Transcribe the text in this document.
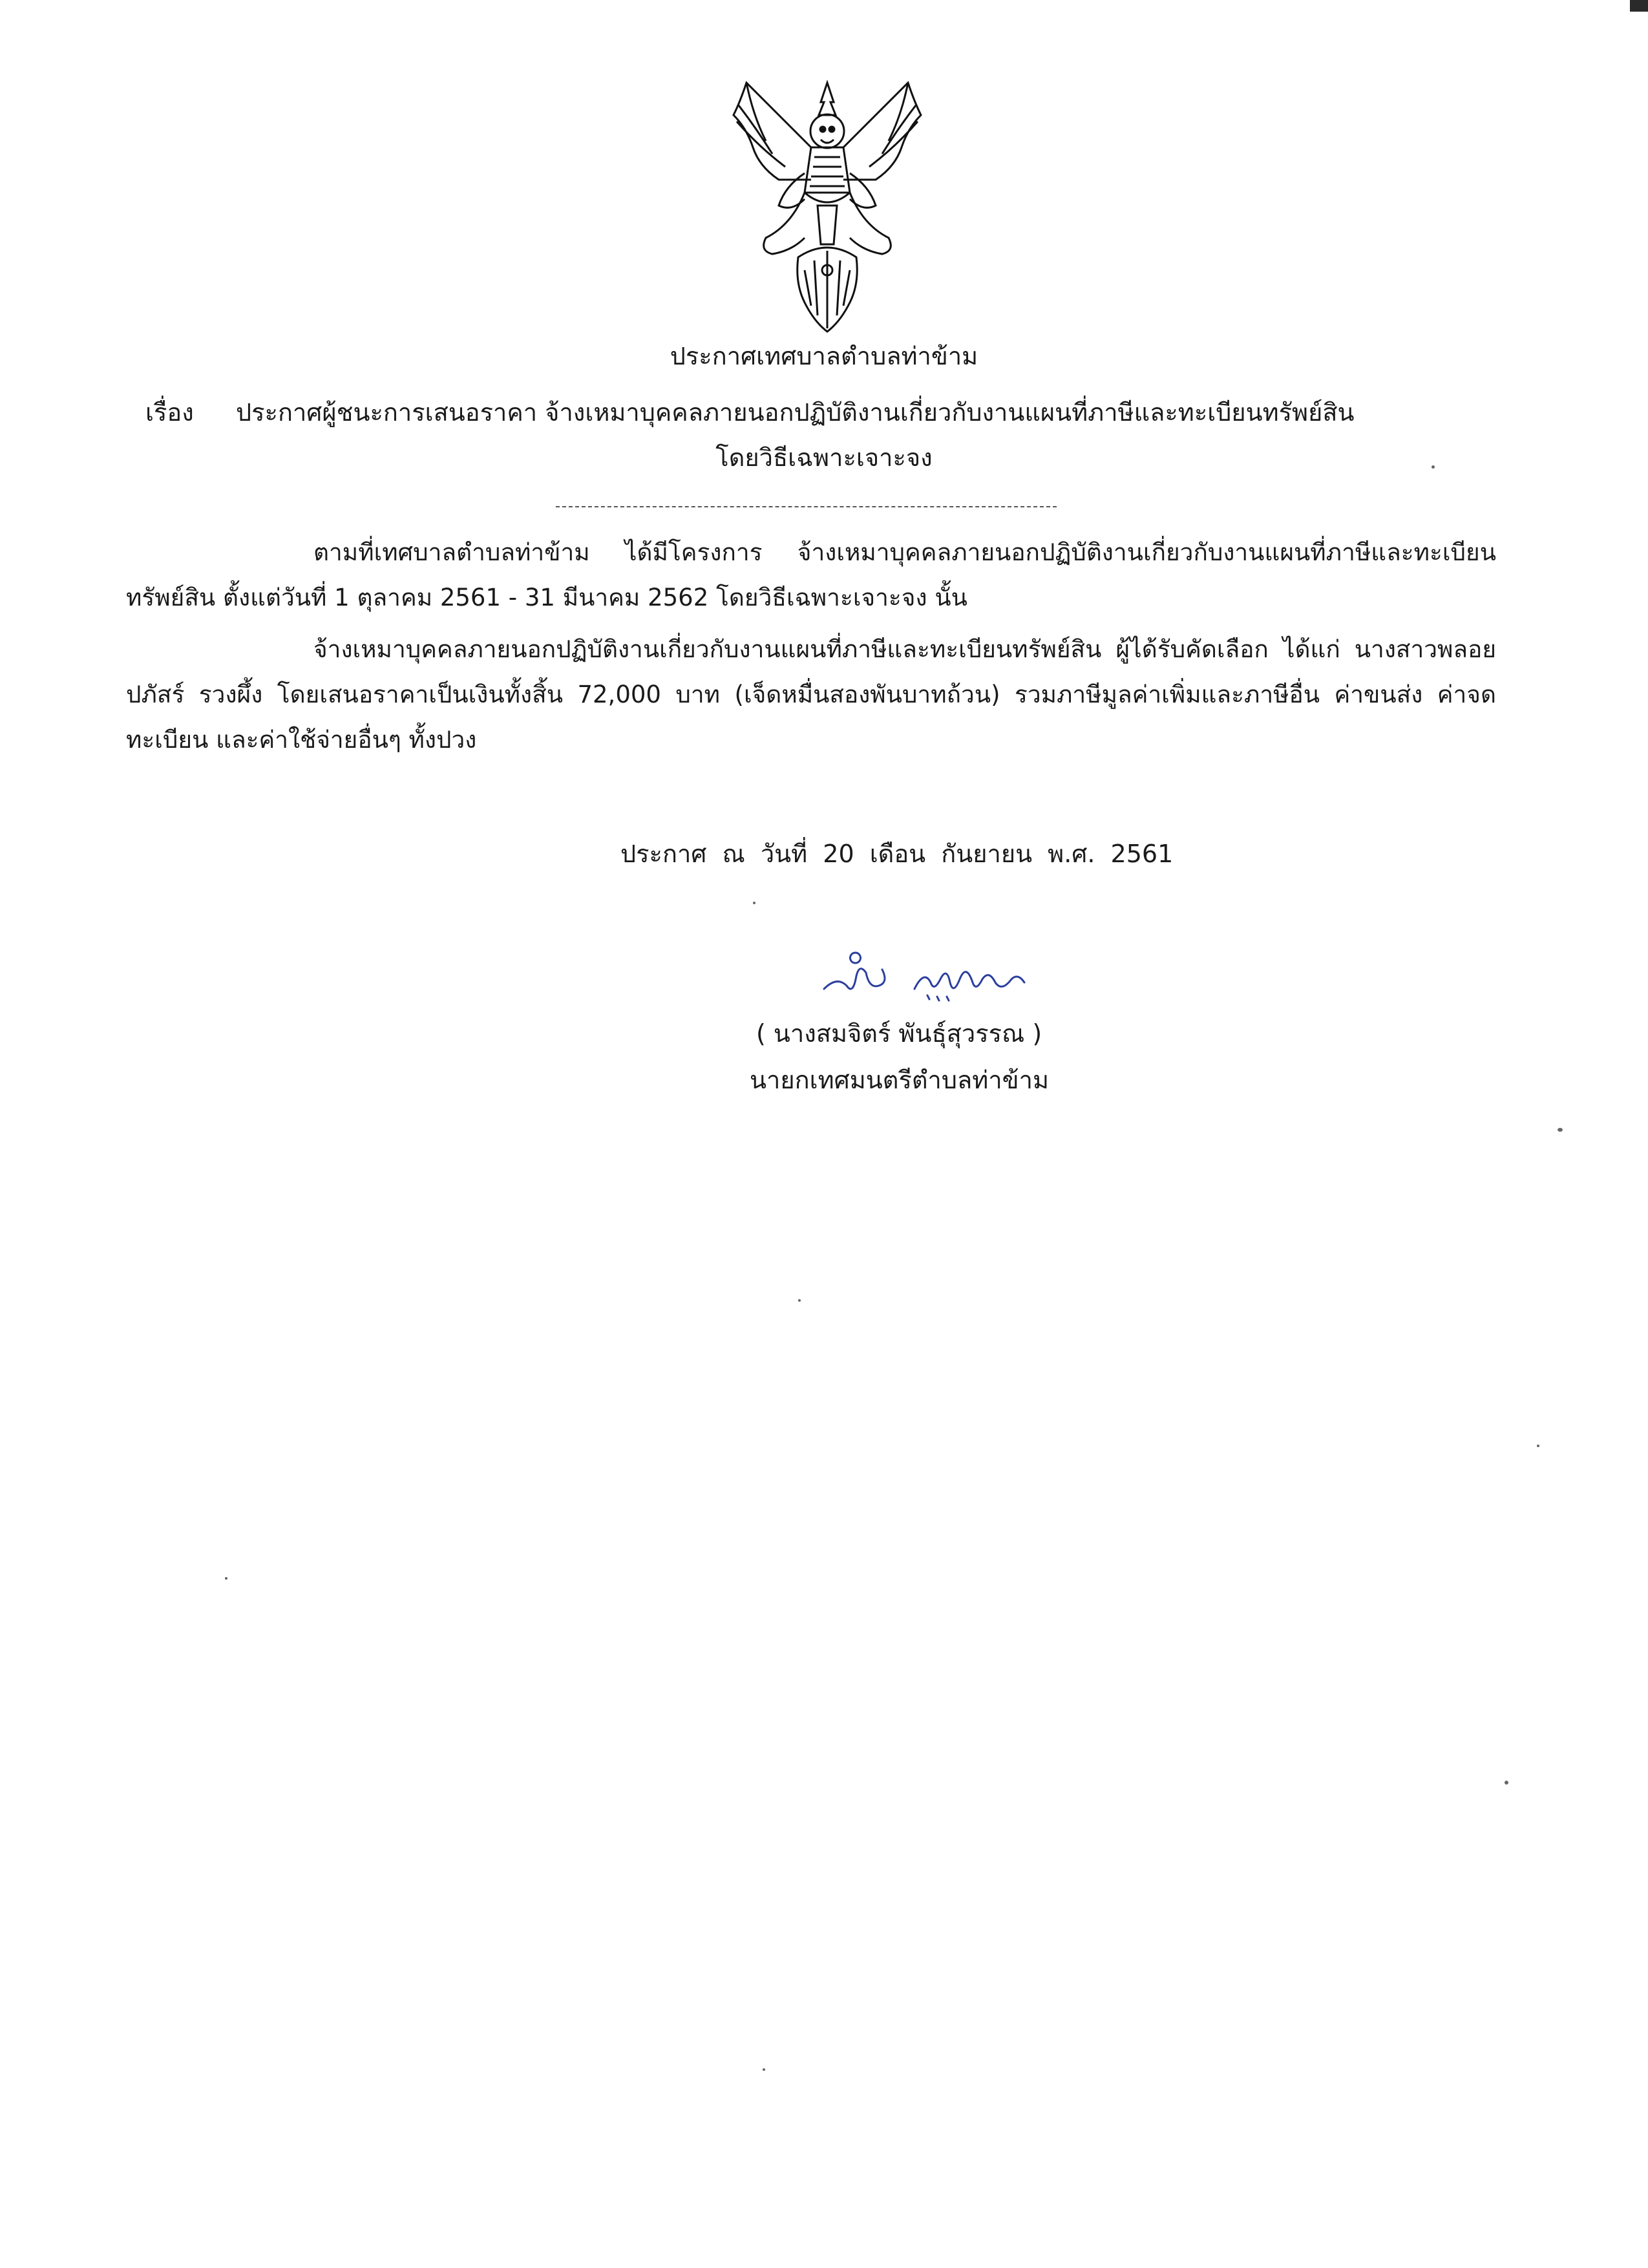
ประกาศเทศบาลตำบลท่าข้าม
เรื่อง ประกาศผู้ชนะการเสนอราคา จ้างเหมาบุคคลภายนอกปฏิบัติงานเกี่ยวกับงานแผนที่ภาษีและทะเบียนทรัพย์สิน
โดยวิธีเฉพาะเจาะจง
ตามที่เทศบาลตำบลท่าข้าม ได้มีโครงการ จ้างเหมาบุคคลภายนอกปฏิบัติงานเกี่ยวกับงานแผนที่ภาษีและทะเบียนทรัพย์สิน ตั้งแต่วันที่ 1 ตุลาคม 2561 - 31 มีนาคม 2562 โดยวิธีเฉพาะเจาะจง นั้น
จ้างเหมาบุคคลภายนอกปฏิบัติงานเกี่ยวกับงานแผนที่ภาษีและทะเบียนทรัพย์สิน ผู้ได้รับคัดเลือก ได้แก่ นางสาวพลอยปภัสร์ รวงผึ้ง โดยเสนอราคาเป็นเงินทั้งสิ้น 72,000 บาท (เจ็ดหมื่นสองพันบาทถ้วน) รวมภาษีมูลค่าเพิ่มและภาษีอื่น ค่าขนส่ง ค่าจดทะเบียน และค่าใช้จ่ายอื่นๆ ทั้งปวง
ประกาศ ณ วันที่ 20 เดือน กันยายน พ.ศ. 2561
( นางสมจิตร์ พันธุ์สุวรรณ )
นายกเทศมนตรีตำบลท่าข้าม
